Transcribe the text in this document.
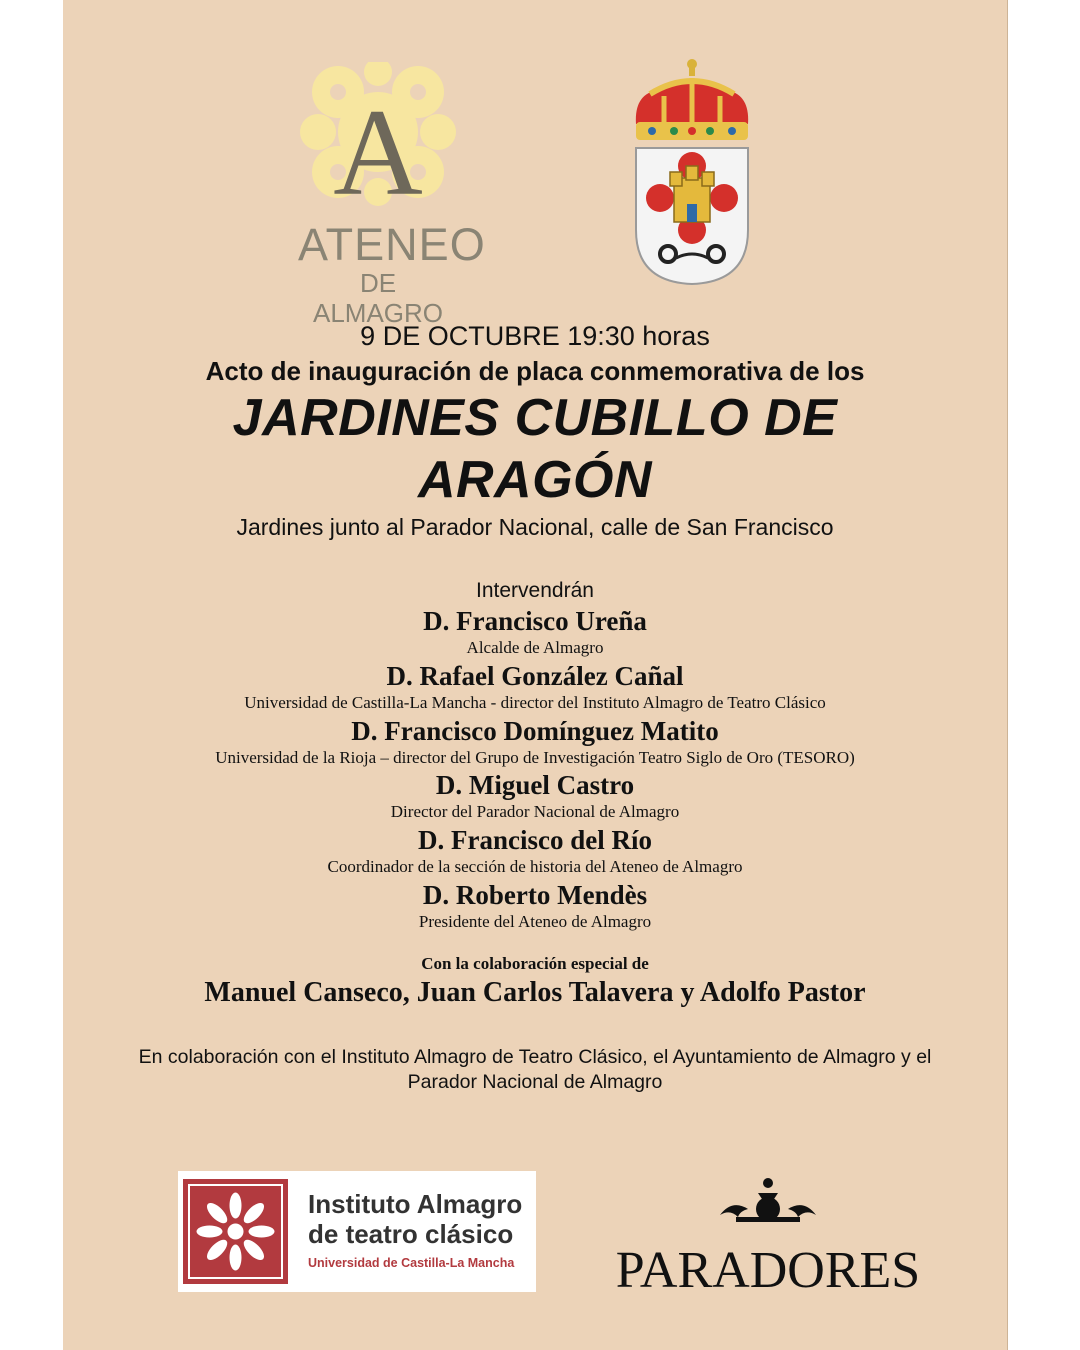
A
ATENEO
DE ALMAGRO
9 DE OCTUBRE 19:30 horas
Acto de inauguración de placa conmemorativa de los
JARDINES CUBILLO DE
ARAGÓN
Jardines junto al Parador Nacional, calle de San Francisco
Intervendrán
D. Francisco Ureña
Alcalde de Almagro
D. Rafael González Cañal
Universidad de Castilla-La Mancha - director del Instituto Almagro de Teatro Clásico
D. Francisco Domínguez Matito
Universidad de la Rioja – director del Grupo de Investigación Teatro Siglo de Oro (TESORO)
D. Miguel Castro
Director del Parador Nacional de Almagro
D. Francisco del Río
Coordinador de la sección de historia del Ateneo de Almagro
D. Roberto Mendès
Presidente del Ateneo de Almagro
Con la colaboración especial de
Manuel Canseco, Juan Carlos Talavera y Adolfo Pastor
En colaboración con el Instituto Almagro de Teatro Clásico, el Ayuntamiento de Almagro y el Parador Nacional de Almagro
Instituto Almagro
de teatro clásico
Universidad de Castilla-La Mancha PARADORES
